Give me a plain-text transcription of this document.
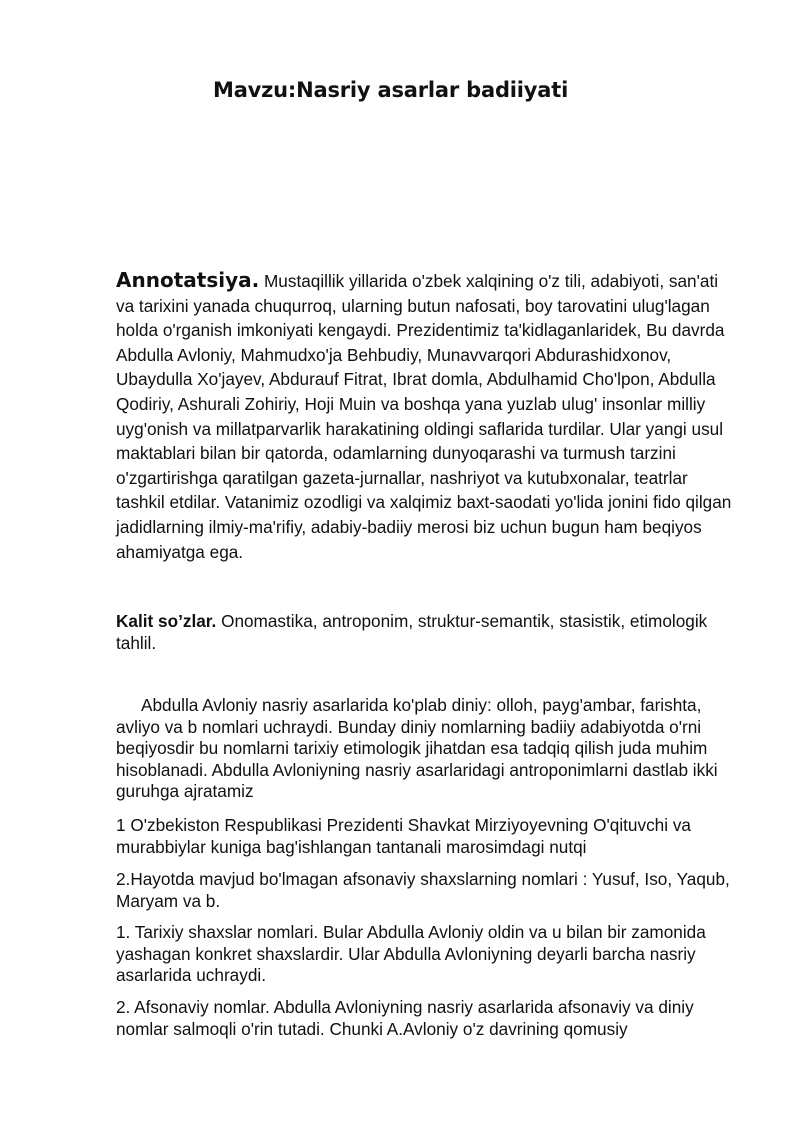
Mavzu:Nasriy asarlar badiiyati
Annotatsiya. Mustaqillik yillarida o'zbek xalqining o'z tili, adabiyoti, san'ati va tarixini yanada chuqurroq, ularning butun nafosati, boy tarovatini ulug'lagan holda o'rganish imkoniyati kengaydi. Prezidentimiz ta'kidlaganlaridek, Bu davrda Abdulla Avloniy, Mahmudxo'ja Behbudiy, Munavvarqori Abdurashidxonov, Ubaydulla Xo'jayev, Abdurauf Fitrat, Ibrat domla, Abdulhamid Cho'lpon, Abdulla Qodiriy, Ashurali Zohiriy, Hoji Muin va boshqa yana yuzlab ulug' insonlar milliy uyg'onish va millatparvarlik harakatining oldingi saflarida turdilar. Ular yangi usul maktablari bilan bir qatorda, odamlarning dunyoqarashi va turmush tarzini o'zgartirishga qaratilgan gazeta-jurnallar, nashriyot va kutubxonalar, teatrlar tashkil etdilar. Vatanimiz ozodligi va xalqimiz baxt-saodati yo'lida jonini fido qilgan jadidlarning ilmiy-ma'rifiy, adabiy-badiiy merosi biz uchun bugun ham beqiyos ahamiyatga ega.
Kalit so’zlar. Onomastika, antroponim, struktur-semantik, stasistik, etimologik tahlil.

Abdulla Avloniy nasriy asarlarida ko'plab diniy: olloh, payg'ambar, farishta, avliyo va b nomlari uchraydi. Bunday diniy nomlarning badiiy adabiyotda o'rni beqiyosdir bu nomlarni tarixiy etimologik jihatdan esa tadqiq qilish juda muhim hisoblanadi. Abdulla Avloniyning nasriy asarlaridagi antroponimlarni dastlab ikki guruhga ajratamiz

1 O'zbekiston Respublikasi Prezidenti Shavkat Mirziyoyevning O'qituvchi va murabbiylar kuniga bag'ishlangan tantanali marosimdagi nutqi

2.Hayotda mavjud bo'lmagan afsonaviy shaxslarning nomlari : Yusuf, Iso, Yaqub, Maryam va b.

1. Tarixiy shaxslar nomlari. Bular Abdulla Avloniy oldin va u bilan bir zamonida yashagan konkret shaxslardir. Ular Abdulla Avloniyning deyarli barcha nasriy asarlarida uchraydi.

2. Afsonaviy nomlar. Abdulla Avloniyning nasriy asarlarida afsonaviy va diniy nomlar salmoqli o'rin tutadi. Chunki A.Avloniy o'z davrining qomusiy
